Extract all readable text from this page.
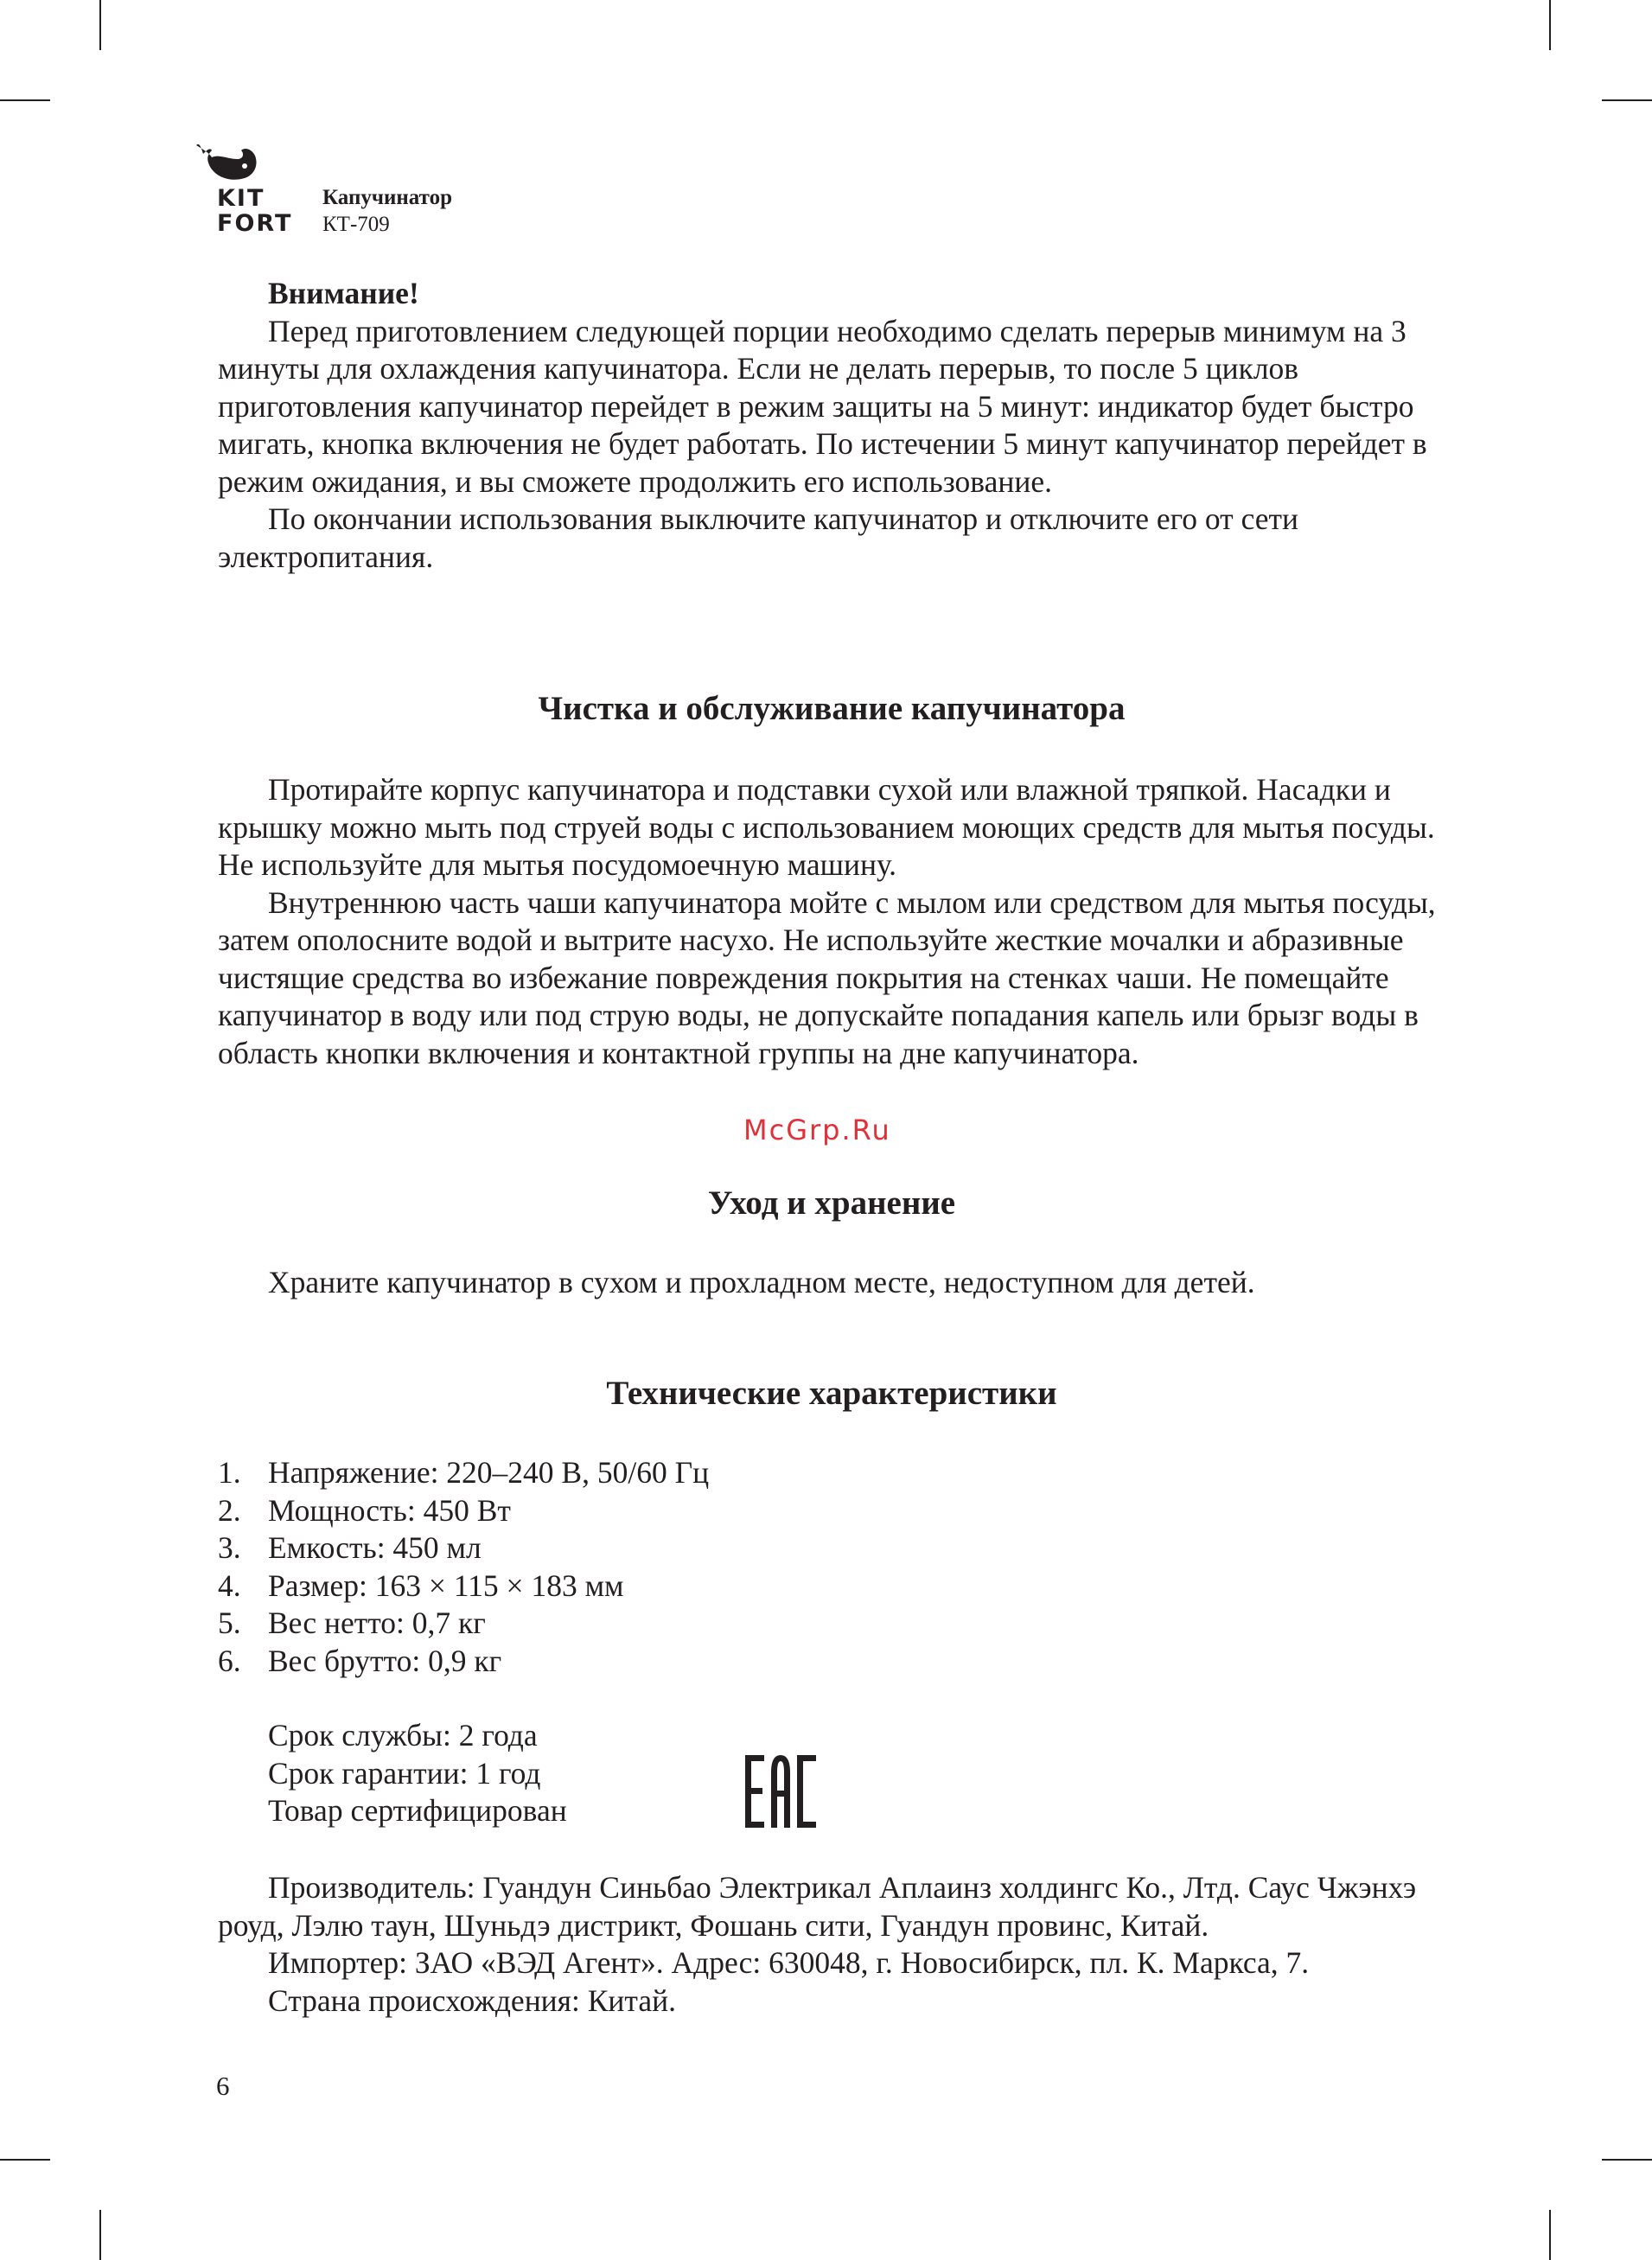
KIT
FORT
Капучинатор
КТ-709

Внимание!

Перед приготовлением следующей порции необходимо сделать перерыв минимум на 3 минуты для охлаждения капучинатора. Если не делать перерыв, то после 5 циклов приготовления капучинатор перейдет в режим защиты на 5 минут: индикатор будет быстро мигать, кнопка включения не будет работать. По истечении 5 минут капучинатор перейдет в режим ожидания, и вы сможете продолжить его использование.

По окончании использования выключите капучинатор и отключите его от сети электропитания.

Чистка и обслуживание капучинатора

Протирайте корпус капучинатора и подставки сухой или влажной тряпкой. Насадки и крышку можно мыть под струей воды с использованием моющих средств для мытья посуды. Не используйте для мытья посудомоечную машину.

Внутреннюю часть чаши капучинатора мойте с мылом или средством для мытья посуды, затем ополосните водой и вытрите насухо. Не используйте жесткие мочалки и абразивные чистящие средства во избежание повреждения покрытия на стенках чаши. Не помещайте капучинатор в воду или под струю воды, не допускайте попадания капель или брызг воды в область кнопки включения и контактной группы на дне капучинатора.

McGrp.Ru
Уход и хранение

Храните капучинатор в сухом и прохладном месте, недоступном для детей.

Технические характеристики
1. Напряжение: 220–240 В, 50/60 Гц
2. Мощность: 450 Вт
3. Емкость: 450 мл
4. Размер: 163 × 115 × 183 мм
5. Вес нетто: 0,7 кг
6. Вес брутто: 0,9 кг

Срок службы: 2 года

Срок гарантии: 1 год

Товар сертифицирован

Производитель: Гуандун Синьбао Электрикал Аплаинз холдингс Ко., Лтд. Саус Чжэнхэ роуд, Лэлю таун, Шуньдэ дистрикт, Фошань сити, Гуандун провинс, Китай.

Импортер: ЗАО «ВЭД Агент». Адрес: 630048, г. Новосибирск, пл. К. Маркса, 7.

Страна происхождения: Китай.

6
